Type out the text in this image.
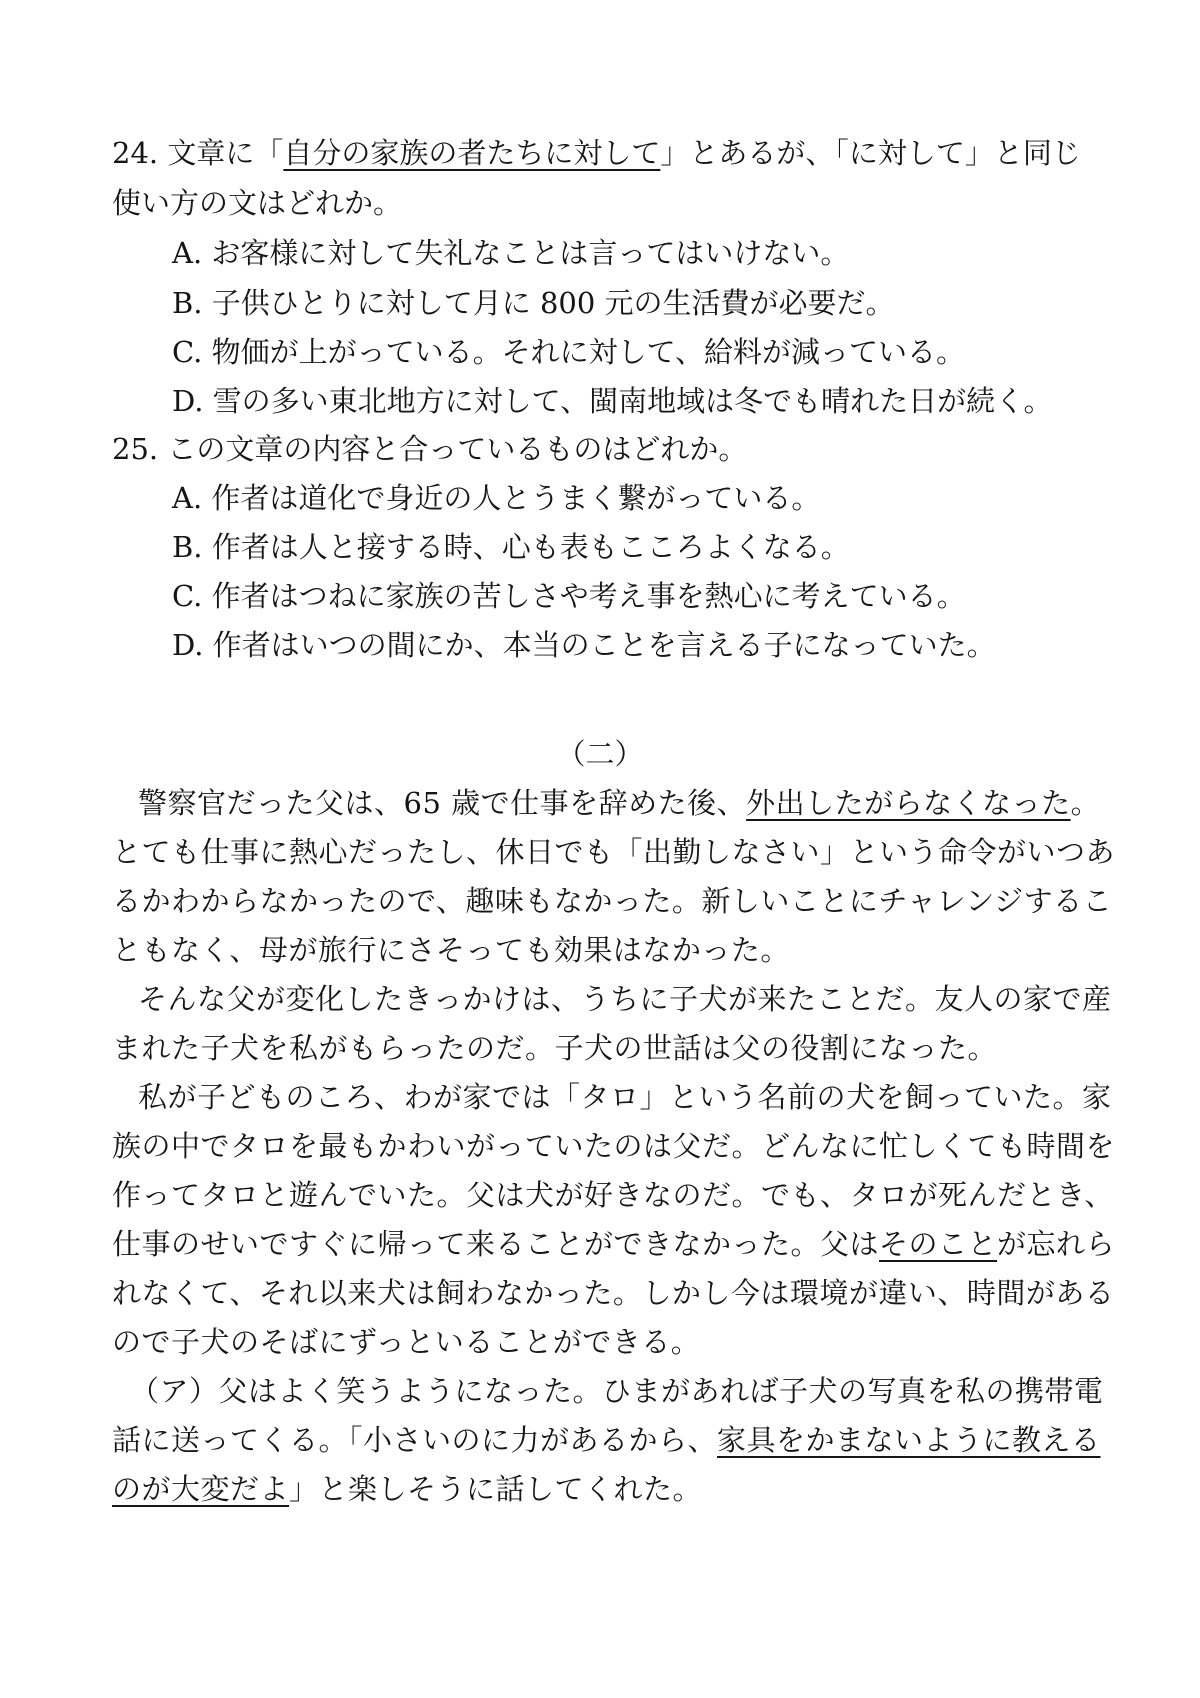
24. 文章に「自分の家族の者たちに対して」とあるが、「に対して」と同じ
使い方の文はどれか。
A. お客様に対して失礼なことは言ってはいけない。
B. 子供ひとりに対して月に 800 元の生活費が必要だ。
C. 物価が上がっている。それに対して、給料が減っている。
D. 雪の多い東北地方に対して、閩南地域は冬でも晴れた日が続く。
25. この文章の内容と合っているものはどれか。
A. 作者は道化で身近の人とうまく繋がっている。
B. 作者は人と接する時、心も表もこころよくなる。
C. 作者はつねに家族の苦しさや考え事を熱心に考えている。
D. 作者はいつの間にか、本当のことを言える子になっていた。
（二）
警察官だった父は、65 歳で仕事を辞めた後、外出したがらなくなった。
とても仕事に熱心だったし、休日でも「出勤しなさい」という命令がいつあ
るかわからなかったので、趣味もなかった。新しいことにチャレンジするこ
ともなく、母が旅行にさそっても効果はなかった。
そんな父が変化したきっかけは、うちに子犬が来たことだ。友人の家で産
まれた子犬を私がもらったのだ。子犬の世話は父の役割になった。
私が子どものころ、わが家では「タロ」という名前の犬を飼っていた。家
族の中でタロを最もかわいがっていたのは父だ。どんなに忙しくても時間を
作ってタロと遊んでいた。父は犬が好きなのだ。でも、タロが死んだとき、
仕事のせいですぐに帰って来ることができなかった。父はそのことが忘れら
れなくて、それ以来犬は飼わなかった。しかし今は環境が違い、時間がある
ので子犬のそばにずっといることができる。
（ア）父はよく笑うようになった。ひまがあれば子犬の写真を私の携帯電
話に送ってくる。「小さいのに力があるから、家具をかまないように教える
のが大変だよ」と楽しそうに話してくれた。
